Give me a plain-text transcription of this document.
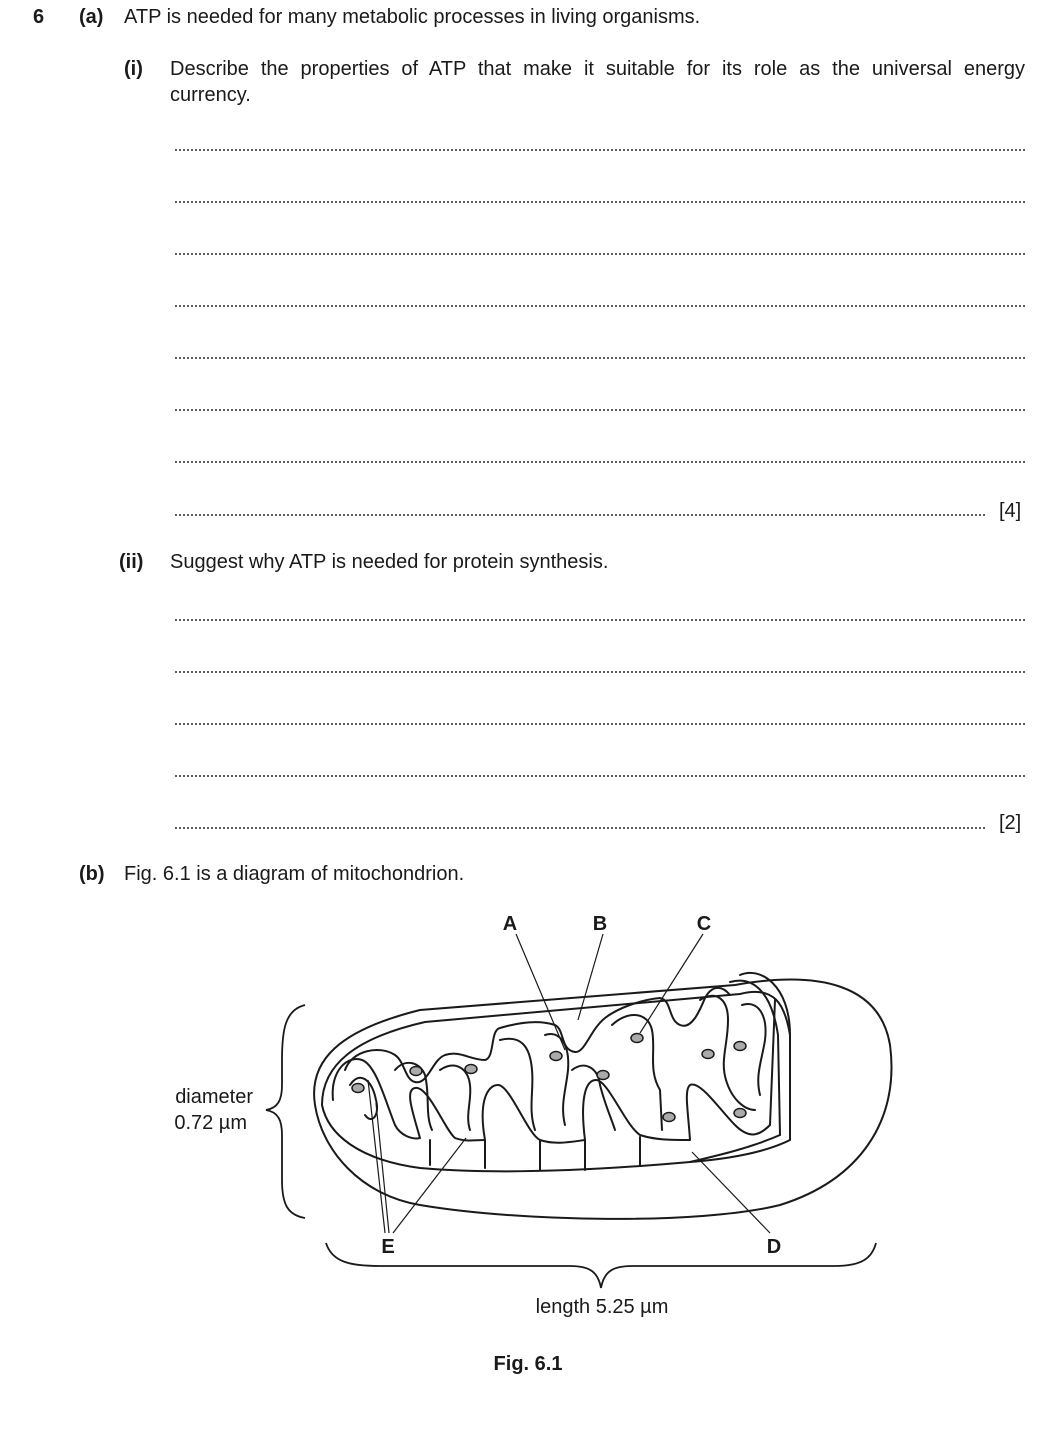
6 (a) ATP is needed for many metabolic processes in living organisms.
(i) Describe the properties of ATP that make it suitable for its role as the universal energy
currency.
[4]
(ii) Suggest why ATP is needed for protein synthesis.
[2]
(b) Fig. 6.1 is a diagram of mitochondrion.
A	B	C
D
E
diameter
0.72 µm
length 5.25 µm
Fig. 6.1
